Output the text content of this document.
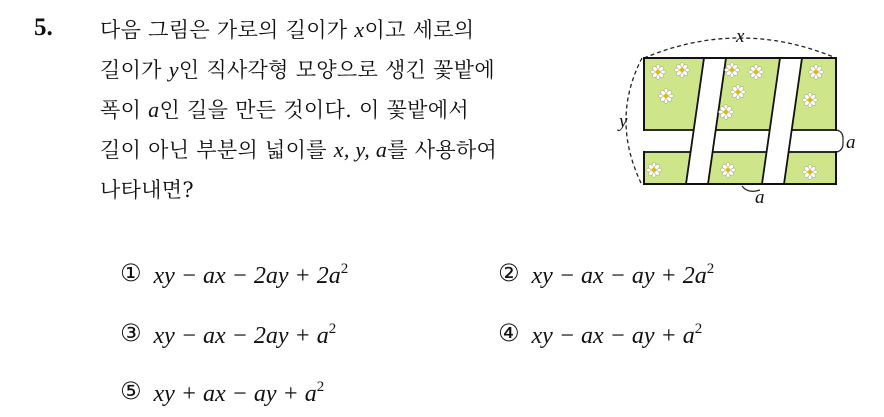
5. 다음 그림은 가로의 길이가 x이고 세로의
길이가 y인 직사각형 모양으로 생긴 꽃밭에
폭이 a인 길을 만든 것이다. 이 꽃밭에서
길이 아닌 부분의 넓이를 x, y, a를 사용하여
나타내면?
x
y
a
a
① xy − ax − $2ay + 2a^2$	② xy − ax − ay + $2a^2$
③ xy − ax − $2ay + a^2$	④ xy − ax − ay + $a^2$
⑤ xy + ax − ay + $a^2$
